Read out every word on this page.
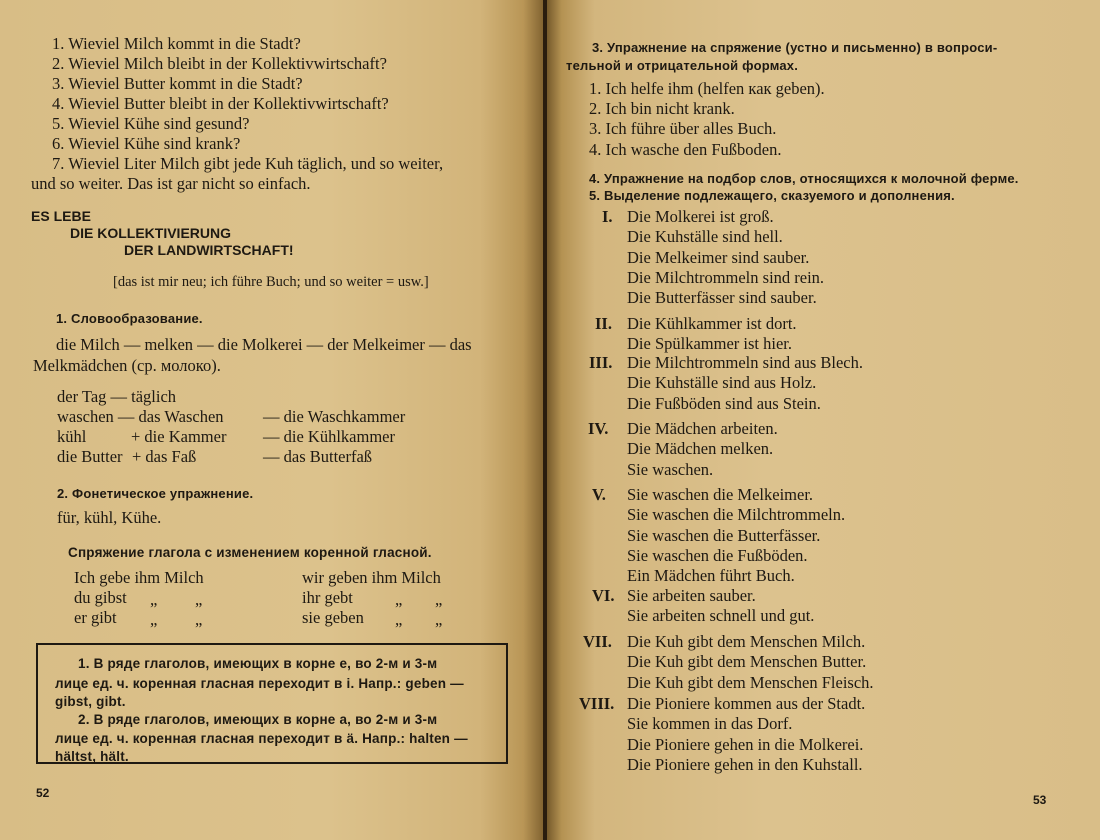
1. Wieviel Milch kommt in die Stadt?
2. Wieviel Milch bleibt in der Kollektivwirtschaft?
3. Wieviel Butter kommt in die Stadt?
4. Wieviel Butter bleibt in der Kollektivwirtschaft?
5. Wieviel Kühe sind gesund?
6. Wieviel Kühe sind krank?
7. Wieviel Liter Milch gibt jede Kuh täglich, und so weiter,
und so weiter. Das ist gar nicht so einfach.
ES LEBE
DIE KOLLEKTIVIERUNG
DER LANDWIRTSCHAFT!
[das ist mir neu; ich führe Buch; und so weiter = usw.]
1. Словообразование.
die Milch — melken — die Molkerei — der Melkeimer — das
Melkmädchen (ср. молоко).
der Tag — täglich
waschen — das Waschen — die Waschkammer
kühl	+ die Kammer — die Kühlkammer
die Butter + das Faß	— das Butterfaß
2. Фонетическое упражнение.
für, kühl, Kühe.
Спряжение глагола с изменением коренной гласной.
Ich gebe ihm Milch
du gibst
er gibt
„ „
„ „
wir geben ihm Milch
ihr gebt
sie geben
„ „
„ „
1. В ряде глаголов, имеющих в корне e, во 2-м и 3-м
лице ед. ч. коренная гласная переходит в i. Напр.: geben —
gibst, gibt.
2. В ряде глаголов, имеющих в корне a, во 2-м и 3-м
лице ед. ч. коренная гласная переходит в ä. Напр.: halten —
hältst, hält.
52
3. Упражнение на спряжение (устно и письменно) в вопроси-
тельной и отрицательной формах.
1. Ich helfe ihm (helfen как geben).
2. Ich bin nicht krank.
3. Ich führe über alles Buch.
4. Ich wasche den Fußboden.
4. Упражнение на подбор слов, относящихся к молочной ферме.
5. Выделение подлежащего, сказуемого и дополнения.
I. Die Molkerei ist groß.
Die Kuhställe sind hell.
Die Melkeimer sind sauber.
Die Milchtrommeln sind rein.
Die Butterfässer sind sauber.
II. Die Kühlkammer ist dort.
Die Spülkammer ist hier.
III. Die Milchtrommeln sind aus Blech.
Die Kuhställe sind aus Holz.
Die Fußböden sind aus Stein.
IV. Die Mädchen arbeiten.
Die Mädchen melken.
Sie waschen.
V. Sie waschen die Melkeimer.
Sie waschen die Milchtrommeln.
Sie waschen die Butterfässer.
Sie waschen die Fußböden.
Ein Mädchen führt Buch.
VI. Sie arbeiten sauber.
Sie arbeiten schnell und gut.
VII. Die Kuh gibt dem Menschen Milch.
Die Kuh gibt dem Menschen Butter.
Die Kuh gibt dem Menschen Fleisch.
VIII. Die Pioniere kommen aus der Stadt.
Sie kommen in das Dorf.
Die Pioniere gehen in die Molkerei.
Die Pioniere gehen in den Kuhstall.
53
